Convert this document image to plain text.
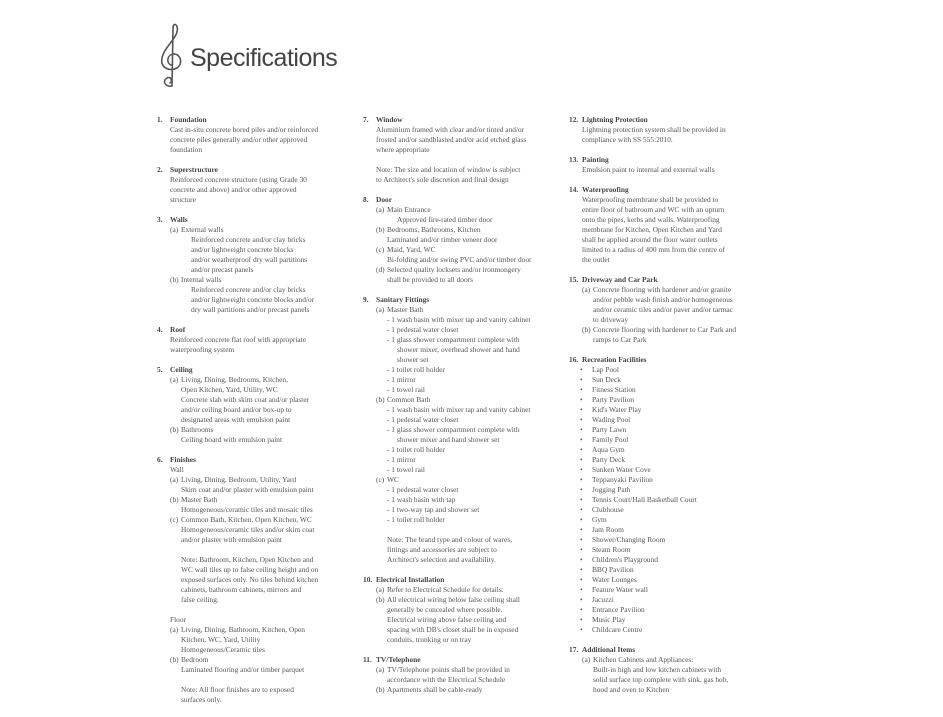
Specifications
1.	Foundation
Cast in-situ concrete bored piles and/or reinforced
concrete piles generally and/or other approved
foundation
2.	Superstructure
Reinforced concrete structure (using Grade 30
concrete and above) and/or other approved
structure
3.	Walls
(a) External walls
Reinforced concrete and/or clay bricks
and/or lightweight concrete blocks
and/or weatherproof dry wall partitions
and/or precast panels
(b) Internal walls
Reinforced concrete and/or clay bricks
and/or lightweight concrete blocks and/or
dry wall partitions and/or precast panels
4.	Roof
Reinforced concrete flat roof with appropriate
waterproofing system
5.	Ceiling
(a) Living, Dining, Bedrooms, Kitchen,
Open Kitchen, Yard, Utility, WC
Concrete slab with skim coat and/or plaster
and/or ceiling board and/or box-up to
designated areas with emulsion paint
(b) Bathrooms
Ceiling board with emulsion paint
6.	Finishes
Wall
(a) Living, Dining, Bedroom, Utility, Yard
Skim coat and/or plaster with emulsion paint
(b) Master Bath
Homogeneous/ceramic tiles and mosaic tiles
(c) Common Bath, Kitchen, Open Kitchen, WC
Homogeneous/ceramic tiles and/or skim coat
and/or plaster with emulsion paint
Note: Bathroom, Kitchen, Open Kitchen and
WC wall tiles up to false ceiling height and on
exposed surfaces only. No tiles behind kitchen
cabinets, bathroom cabinets, mirrors and
false ceiling.
Floor
(a) Living, Dining, Bathroom, Kitchen, Open
Kitchen, WC, Yard, Utility
Homogeneous/Ceramic tiles
(b) Bedroom
Laminated flooring and/or timber parquet
Note: All floor finishes are to exposed
surfaces only.
7.	Window
Aluminium framed with clear and/or tinted and/or
frosted and/or sandblasted and/or acid etched glass
where appropriate
Note: The size and location of window is subject
to Architect's sole discretion and final design
8.	Door
(a) Main Entrance
Approved fire-rated timber door
(b) Bedrooms, Bathrooms, Kitchen
Laminated and/or timber veneer door
(c) Maid, Yard, WC
Bi-folding and/or swing PVC and/or timber door
(d) Selected quality locksets and/or ironmongery
shall be provided to all doors
9.	Sanitary Fittings
(a) Master Bath
- 1 wash basin with mixer tap and vanity cabinet
- 1 pedestal water closet
- 1 glass shower compartment complete with
shower mixer, overhead shower and hand
shower set
- 1 toilet roll holder
- 1 mirror
- 1 towel rail
(b) Common Bath
- 1 wash basin with mixer tap and vanity cabinet
- 1 pedestal water closet
- 1 glass shower compartment complete with
shower mixer and hand shower set
- 1 toilet roll holder
- 1 mirror
- 1 towel rail
(c) WC
- 1 pedestal water closet
- 1 wash basin with tap
- 1 two-way tap and shower set
- 1 toilet roll holder
Note: The brand type and colour of wares,
fittings and accessories are subject to
Architect's selection and availability.
10. Electrical Installation
(a) Refer to Electrical Schedule for details.
(b) All electrical wiring below false ceiling shall
generally be concealed where possible.
Electrical wiring above false ceiling and
spacing with DB's closet shall be in exposed
conduits, trunking or on tray
11. TV/Telephone
(a) TV/Telephone points shall be provided in
accordance with the Electrical Schedule
(b) Apartments shall be cable-ready
12. Lightning Protection
Lightning protection system shall be provided in
compliance with SS 555:2010.
13. Painting
Emulsion paint to internal and external walls
14. Waterproofing
Waterproofing membrane shall be provided to
entire floor of bathroom and WC with an upturn
onto the pipes, kerbs and walls. Waterproofing
membrane for Kitchen, Open Kitchen and Yard
shall be applied around the floor water outlets
limited to a radius of 400 mm from the centre of
the outlet
15. Driveway and Car Park
(a) Concrete flooring with hardener and/or granite
and/or pebble wash finish and/or homogeneous
and/or ceramic tiles and/or paver and/or tarmac
to driveway
(b) Concrete flooring with hardener to Car Park and
ramps to Car Park
16. Recreation Facilities
•	Lap Pool
•	Sun Deck
•	Fitness Station
•	Party Pavilion
•	Kid's Water Play
•	Wading Pool
•	Party Lawn
•	Family Pool
•	Aqua Gym
•	Party Deck
•	Sunken Water Cove
•	Teppanyaki Pavilion
•	Jogging Path
•	Tennis Court/Hall Basketball Court
•	Clubhouse
•	Gym
•	Jam Room
•	Shower/Changing Room
•	Steam Room
•	Children's Playground
•	BBQ Pavilion
•	Water Lounges
•	Feature Water wall
•	Jacuzzi
•	Entrance Pavilion
•	Music Play
•	Childcare Centre
17. Additional Items
(a) Kitchen Cabinets and Appliances:
Built-in high and low kitchen cabinets with
solid surface top complete with sink, gas hob,
hood and oven to Kitchen
